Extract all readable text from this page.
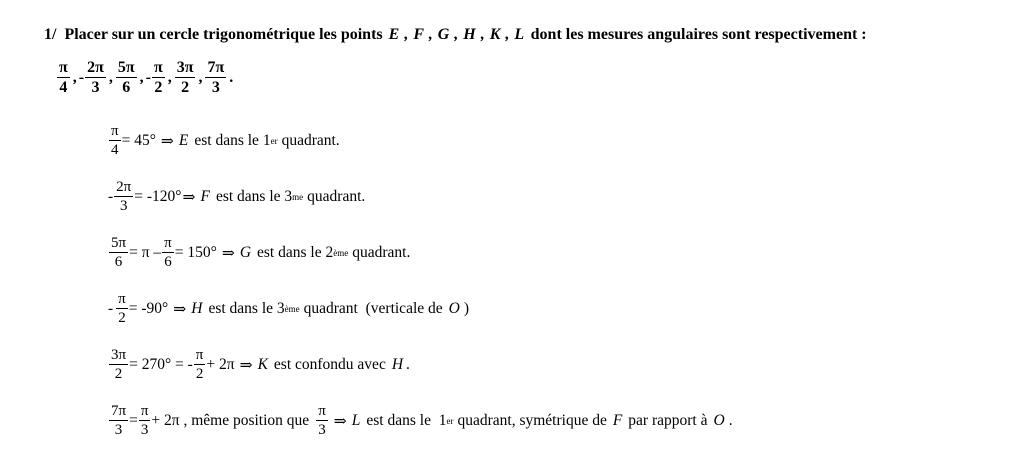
1/ Placer sur un cercle trigonométrique les points E , F , G , H , K , L dont les mesures angulaires sont respectivement :
$\frac{\pi}{4}$ , - $\frac{2\pi}{3}$ , $\frac{5\pi}{6}$ , - $\frac{\pi}{2}$ , $\frac{3\pi}{2}$ , $\frac{7\pi}{3}$ .
$\frac{\pi}{4} = 45^\circ$ ⇒ E est dans le 1 er quadrant.
- $\frac{2\pi}{3} = -120^\circ$ ⇒ F est dans le 3 me quadrant.
$\frac{5\pi}{6} = \pi - \frac{\pi}{6} = 150^\circ$ ⇒ G est dans le 2 ème quadrant.
- $\frac{\pi}{2} = -90^\circ$ ⇒ H est dans le 3 ème quadrant  (verticale de O )
$\frac{3\pi}{2} = 270^\circ$ = - $\frac{\pi}{2} + 2\pi$ ⇒ K est confondu avec H .
$\frac{7\pi}{3} = \frac{\pi}{3} + 2\pi$ , même position que $\frac{\pi}{3}$ ⇒ L est dans le  1 er quadrant, symétrique de F par rapport à O .
